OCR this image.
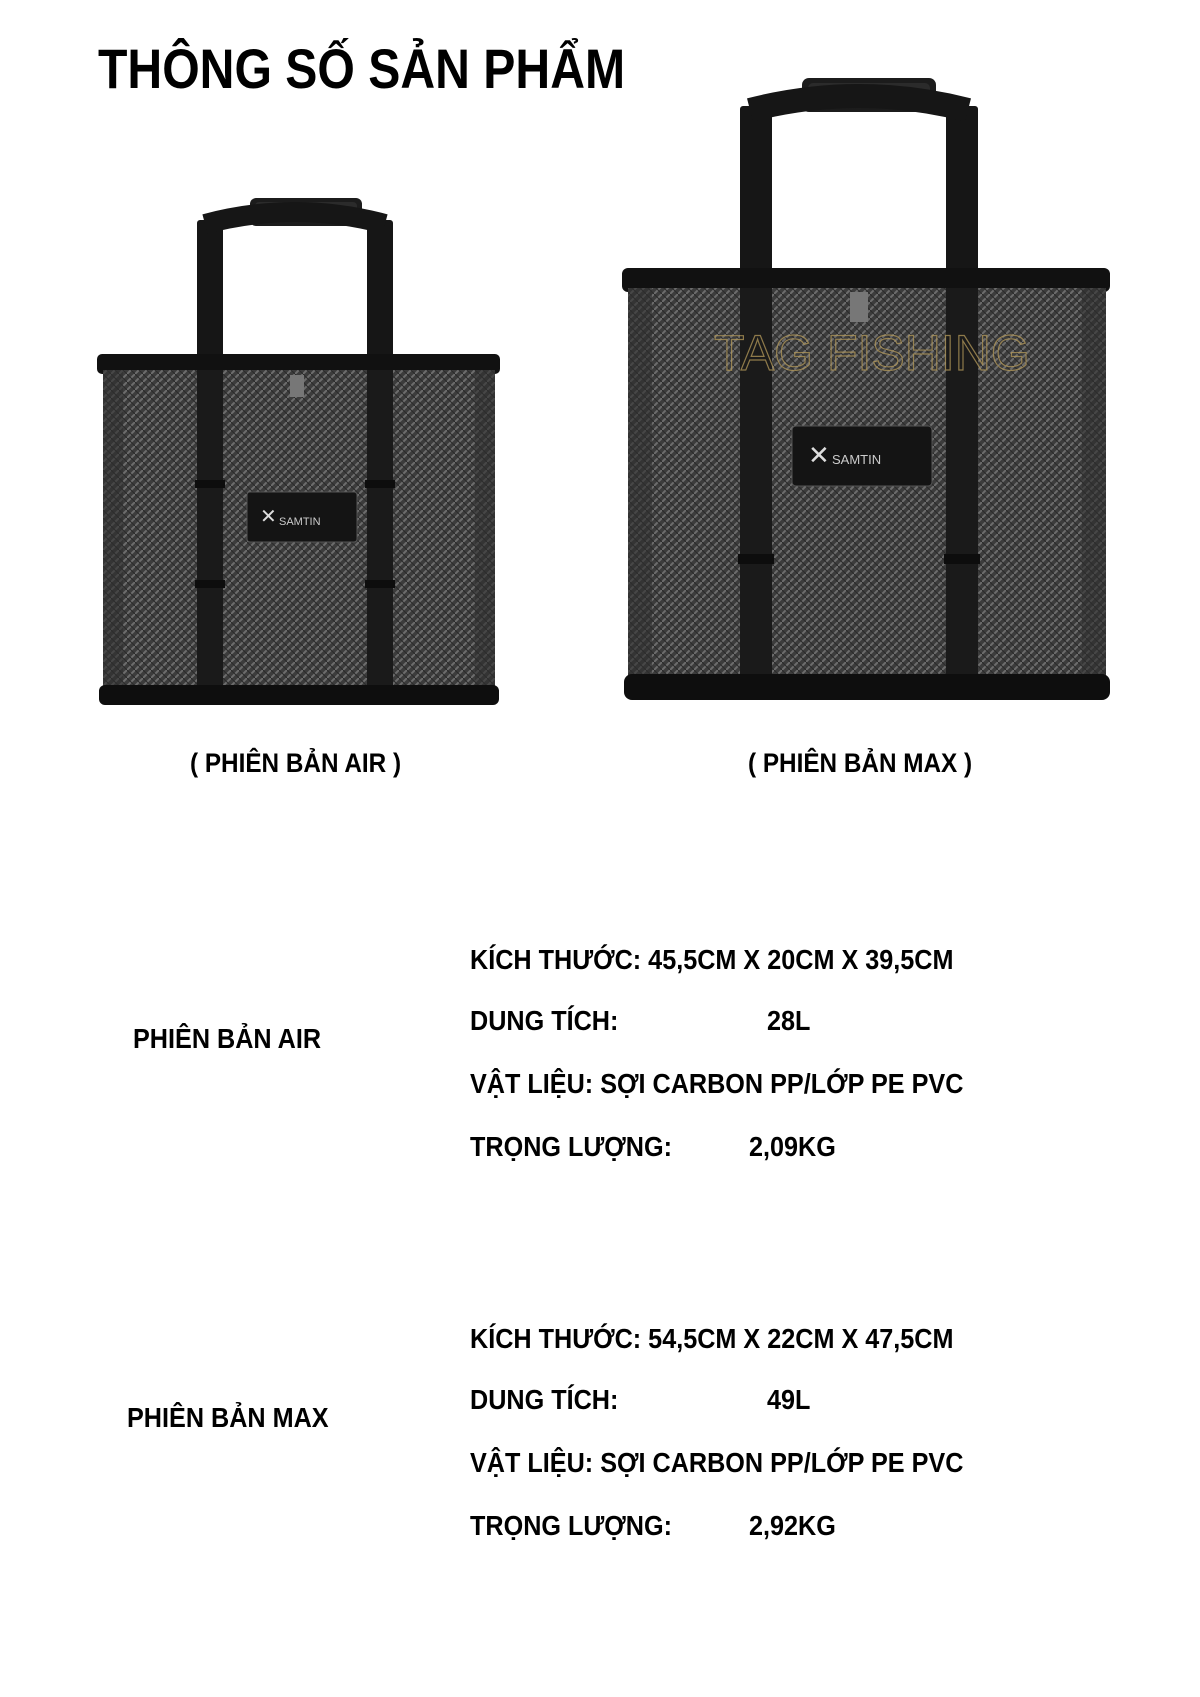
THÔNG SỐ SẢN PHẨM
✕
✕ SAMTIN
✕
TAG FISHING
✕ SAMTIN
( PHIÊN BẢN AIR )	( PHIÊN BẢN MAX )
PHIÊN BẢN AIR
KÍCH THƯỚC: 45,5CM X 20CM X 39,5CM
DUNG TÍCH:	28L
VẬT LIỆU: SỢI CARBON PP/LỚP PE PVC
TRỌNG LƯỢNG:	2,09KG
PHIÊN BẢN MAX
KÍCH THƯỚC: 54,5CM X 22CM X 47,5CM
DUNG TÍCH:	49L
VẬT LIỆU: SỢI CARBON PP/LỚP PE PVC
TRỌNG LƯỢNG:	2,92KG
